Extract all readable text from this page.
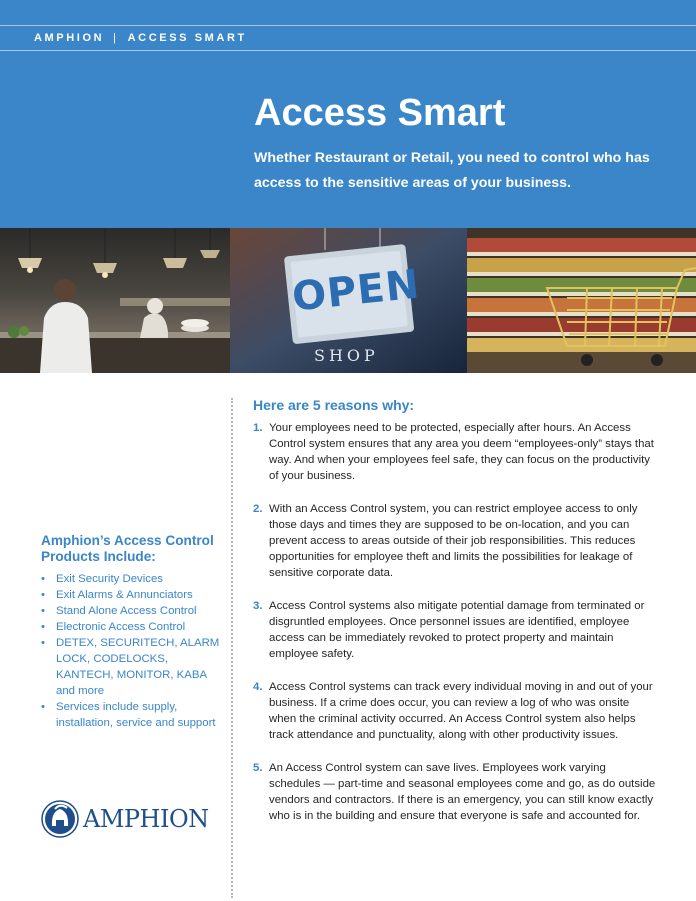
AMPHION | ACCESS SMART
Access Smart

Whether Restaurant or Retail, you need to control who has access to the sensitive areas of your business.

OPEN
SHOP
Amphion’s Access Control Products Include:
• Exit Security Devices
• Exit Alarms & Annunciators
• Stand Alone Access Control
• Electronic Access Control
• DETEX, SECURITECH, ALARM LOCK, CODELOCKS, KANTECH, MONITOR, KABA and more
• Services include supply, installation, service and support
AMPHION
Here are 5 reasons why:
1. Your employees need to be protected, especially after hours. An Access Control system ensures that any area you deem “employees-only” stays that way. And when your employees feel safe, they can focus on the productivity of your business.
2. With an Access Control system, you can restrict employee access to only those days and times they are supposed to be on-location, and you can prevent access to areas outside of their job responsibilities. This reduces opportunities for employee theft and limits the possibilities for leakage of sensitive corporate data.
3. Access Control systems also mitigate potential damage from terminated or disgruntled employees. Once personnel issues are identified, employee access can be immediately revoked to protect property and maintain employee safety.
4. Access Control systems can track every individual moving in and out of your business. If a crime does occur, you can review a log of who was onsite when the criminal activity occurred. An Access Control system also helps track attendance and punctuality, along with other productivity issues.
5. An Access Control system can save lives. Employees work varying schedules — part-time and seasonal employees come and go, as do outside vendors and contractors. If there is an emergency, you can still know exactly who is in the building and ensure that everyone is safe and accounted for.
